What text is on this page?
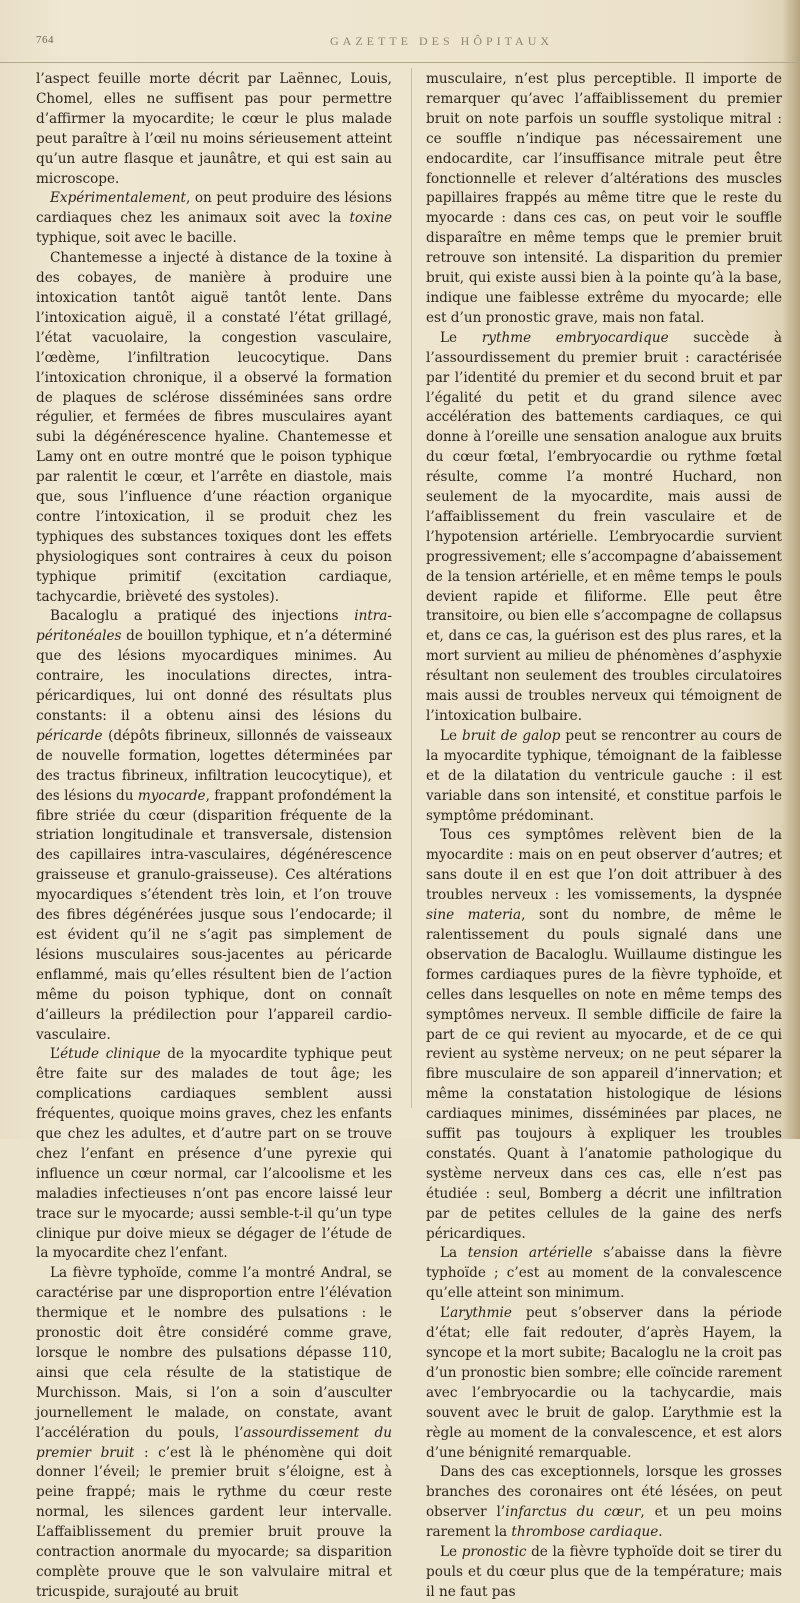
764	GAZETTE DES HÔPITAUX

l’aspect feuille morte décrit par Laënnec, Louis, Chomel, elles ne suffisent pas pour permettre d’affirmer la myocardite; le cœur le plus malade peut paraître à l’œil nu moins sérieusement atteint qu’un autre flasque et jaunâtre, et qui est sain au microscope.

Expérimentalement, on peut produire des lésions cardiaques chez les animaux soit avec la toxine typhique, soit avec le bacille.

Chantemesse a injecté à distance de la toxine à des cobayes, de manière à produire une intoxication tantôt aiguë tantôt lente. Dans l’intoxication aiguë, il a constaté l’état grillagé, l’état vacuolaire, la congestion vasculaire, l’œdème, l’infiltration leucocytique. Dans l’intoxication chronique, il a observé la formation de plaques de sclérose disséminées sans ordre régulier, et fermées de fibres musculaires ayant subi la dégénérescence hyaline. Chantemesse et Lamy ont en outre montré que le poison typhique par ralentit le cœur, et l’arrête en diastole, mais que, sous l’influence d’une réaction organique contre l’intoxication, il se produit chez les typhiques des substances toxiques dont les effets physiologiques sont contraires à ceux du poison typhique primitif (excitation cardiaque, tachycardie, brièveté des systoles).

Bacaloglu a pratiqué des injections intra-péritonéales de bouillon typhique, et n’a déterminé que des lésions myocardiques minimes. Au contraire, les inoculations directes, intra-péricardiques, lui ont donné des résultats plus constants: il a obtenu ainsi des lésions du péricarde (dépôts fibrineux, sillonnés de vaisseaux de nouvelle formation, logettes déterminées par des tractus fibrineux, infiltration leucocytique), et des lésions du myocarde, frappant profondément la fibre striée du cœur (disparition fréquente de la striation longitudinale et transversale, distension des capillaires intra-vasculaires, dégénérescence graisseuse et granulo-graisseuse). Ces altérations myocardiques s’étendent très loin, et l’on trouve des fibres dégénérées jusque sous l’endocarde; il est évident qu’il ne s’agit pas simplement de lésions musculaires sous-jacentes au péricarde enflammé, mais qu’elles résultent bien de l’action même du poison typhique, dont on connaît d’ailleurs la prédilection pour l’appareil cardio-vasculaire.

L’étude clinique de la myocardite typhique peut être faite sur des malades de tout âge; les complications cardiaques semblent aussi fréquentes, quoique moins graves, chez les enfants que chez les adultes, et d’autre part on se trouve chez l’enfant en présence d’une pyrexie qui influence un cœur normal, car l’alcoolisme et les maladies infectieuses n’ont pas encore laissé leur trace sur le myocarde; aussi semble-t-il qu’un type clinique pur doive mieux se dégager de l’étude de la myocardite chez l’enfant.

La fièvre typhoïde, comme l’a montré Andral, se caractérise par une disproportion entre l’élévation thermique et le nombre des pulsations : le pronostic doit être considéré comme grave, lorsque le nombre des pulsations dépasse 110, ainsi que cela résulte de la statistique de Murchisson. Mais, si l’on a soin d’ausculter journellement le malade, on constate, avant l’accélération du pouls, l’assourdissement du premier bruit : c’est là le phénomène qui doit donner l’éveil; le premier bruit s’éloigne, est à peine frappé; mais le rythme du cœur reste normal, les silences gardent leur intervalle. L’affaiblissement du premier bruit prouve la contraction anormale du myocarde; sa disparition complète prouve que le son valvulaire mitral et tricuspide, surajouté au bruit

musculaire, n’est plus perceptible. Il importe de remarquer qu’avec l’affaiblissement du premier bruit on note parfois un souffle systolique mitral : ce souffle n’indique pas nécessairement une endocardite, car l’insuffisance mitrale peut être fonctionnelle et relever d’altérations des muscles papillaires frappés au même titre que le reste du myocarde : dans ces cas, on peut voir le souffle disparaître en même temps que le premier bruit retrouve son intensité. La disparition du premier bruit, qui existe aussi bien à la pointe qu’à la base, indique une faiblesse extrême du myocarde; elle est d’un pronostic grave, mais non fatal.

Le rythme embryocardique succède à l’assourdissement du premier bruit : caractérisée par l’identité du premier et du second bruit et par l’égalité du petit et du grand silence avec accélération des battements cardiaques, ce qui donne à l’oreille une sensation analogue aux bruits du cœur fœtal, l’embryocardie ou rythme fœtal résulte, comme l’a montré Huchard, non seulement de la myocardite, mais aussi de l’affaiblissement du frein vasculaire et de l’hypotension artérielle. L’embryocardie survient progressivement; elle s’accompagne d’abaissement de la tension artérielle, et en même temps le pouls devient rapide et filiforme. Elle peut être transitoire, ou bien elle s’accompagne de collapsus et, dans ce cas, la guérison est des plus rares, et la mort survient au milieu de phénomènes d’asphyxie résultant non seulement des troubles circulatoires mais aussi de troubles nerveux qui témoignent de l’intoxication bulbaire.

Le bruit de galop peut se rencontrer au cours de la myocardite typhique, témoignant de la faiblesse et de la dilatation du ventricule gauche : il est variable dans son intensité, et constitue parfois le symptôme prédominant.

Tous ces symptômes relèvent bien de la myocardite : mais on en peut observer d’autres; et sans doute il en est que l’on doit attribuer à des troubles nerveux : les vomissements, la dyspnée sine materia, sont du nombre, de même le ralentissement du pouls signalé dans une observation de Bacaloglu. Wuillaume distingue les formes cardiaques pures de la fièvre typhoïde, et celles dans lesquelles on note en même temps des symptômes nerveux. Il semble difficile de faire la part de ce qui revient au myocarde, et de ce qui revient au système nerveux; on ne peut séparer la fibre musculaire de son appareil d’innervation; et même la constatation histologique de lésions cardiaques minimes, disséminées par places, ne suffit pas toujours à expliquer les troubles constatés. Quant à l’anatomie pathologique du système nerveux dans ces cas, elle n’est pas étudiée : seul, Bomberg a décrit une infiltration par de petites cellules de la gaine des nerfs péricardiques.

La tension artérielle s’abaisse dans la fièvre typhoïde ; c’est au moment de la convalescence qu’elle atteint son minimum.

L’arythmie peut s’observer dans la période d’état; elle fait redouter, d’après Hayem, la syncope et la mort subite; Bacaloglu ne la croit pas d’un pronostic bien sombre; elle coïncide rarement avec l’embryocardie ou la tachycardie, mais souvent avec le bruit de galop. L’arythmie est la règle au moment de la convalescence, et est alors d’une bénignité remarquable.

Dans des cas exceptionnels, lorsque les grosses branches des coronaires ont été lésées, on peut observer l’infarctus du cœur, et un peu moins rarement la thrombose cardiaque.

Le pronostic de la fièvre typhoïde doit se tirer du pouls et du cœur plus que de la température; mais il ne faut pas
